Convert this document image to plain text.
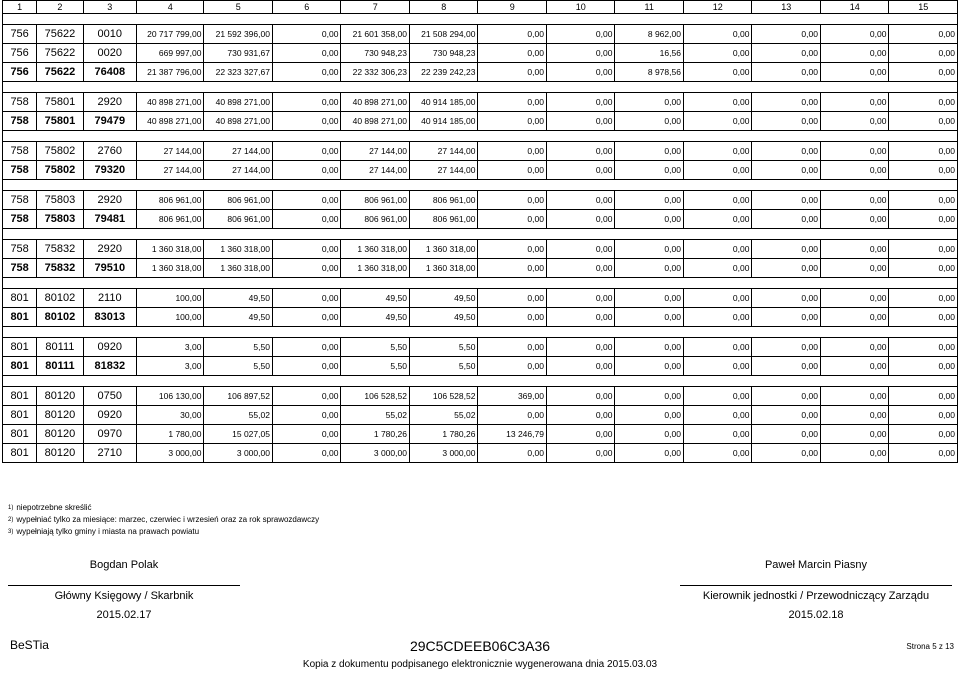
1	2	3	4	5	6	7	8	9	10	11	12	13	14	15

756	75622	0010	20 717 799,00	21 592 396,00	0,00	21 601 358,00	21 508 294,00	0,00	0,00	8 962,00	0,00	0,00	0,00	0,00
756	75622	0020	669 997,00	730 931,67	0,00	730 948,23	730 948,23	0,00	0,00	16,56	0,00	0,00	0,00	0,00
756	75622	76408	21 387 796,00	22 323 327,67	0,00	22 332 306,23	22 239 242,23	0,00	0,00	8 978,56	0,00	0,00	0,00	0,00

758	75801	2920	40 898 271,00	40 898 271,00	0,00	40 898 271,00	40 914 185,00	0,00	0,00	0,00	0,00	0,00	0,00	0,00
758	75801	79479	40 898 271,00	40 898 271,00	0,00	40 898 271,00	40 914 185,00	0,00	0,00	0,00	0,00	0,00	0,00	0,00

758	75802	2760	27 144,00	27 144,00	0,00	27 144,00	27 144,00	0,00	0,00	0,00	0,00	0,00	0,00	0,00
758	75802	79320	27 144,00	27 144,00	0,00	27 144,00	27 144,00	0,00	0,00	0,00	0,00	0,00	0,00	0,00

758	75803	2920	806 961,00	806 961,00	0,00	806 961,00	806 961,00	0,00	0,00	0,00	0,00	0,00	0,00	0,00
758	75803	79481	806 961,00	806 961,00	0,00	806 961,00	806 961,00	0,00	0,00	0,00	0,00	0,00	0,00	0,00

758	75832	2920	1 360 318,00	1 360 318,00	0,00	1 360 318,00	1 360 318,00	0,00	0,00	0,00	0,00	0,00	0,00	0,00
758	75832	79510	1 360 318,00	1 360 318,00	0,00	1 360 318,00	1 360 318,00	0,00	0,00	0,00	0,00	0,00	0,00	0,00

801	80102	2110	100,00	49,50	0,00	49,50	49,50	0,00	0,00	0,00	0,00	0,00	0,00	0,00
801	80102	83013	100,00	49,50	0,00	49,50	49,50	0,00	0,00	0,00	0,00	0,00	0,00	0,00

801	80111	0920	3,00	5,50	0,00	5,50	5,50	0,00	0,00	0,00	0,00	0,00	0,00	0,00
801	80111	81832	3,00	5,50	0,00	5,50	5,50	0,00	0,00	0,00	0,00	0,00	0,00	0,00

801	80120	0750	106 130,00	106 897,52	0,00	106 528,52	106 528,52	369,00	0,00	0,00	0,00	0,00	0,00	0,00
801	80120	0920	30,00	55,02	0,00	55,02	55,02	0,00	0,00	0,00	0,00	0,00	0,00	0,00
801	80120	0970	1 780,00	15 027,05	0,00	1 780,26	1 780,26	13 246,79	0,00	0,00	0,00	0,00	0,00	0,00
801	80120	2710	3 000,00	3 000,00	0,00	3 000,00	3 000,00	0,00	0,00	0,00	0,00	0,00	0,00	0,00
$^{1)}$ niepotrzebne skreślić
$^{2)}$ wypełniać tylko za miesiące: marzec, czerwiec i wrzesień oraz za rok sprawozdawczy
$^{3)}$ wypełniają tylko gminy i miasta na prawach powiatu
Bogdan Polak
Główny Księgowy / Skarbnik
2015.02.17
Paweł Marcin Piasny
Kierownik jednostki / Przewodniczący Zarządu
2015.02.18
BeSTia	29C5CDEEB06C3A36	Strona 5 z 13
Kopia z dokumentu podpisanego elektronicznie wygenerowana dnia 2015.03.03
